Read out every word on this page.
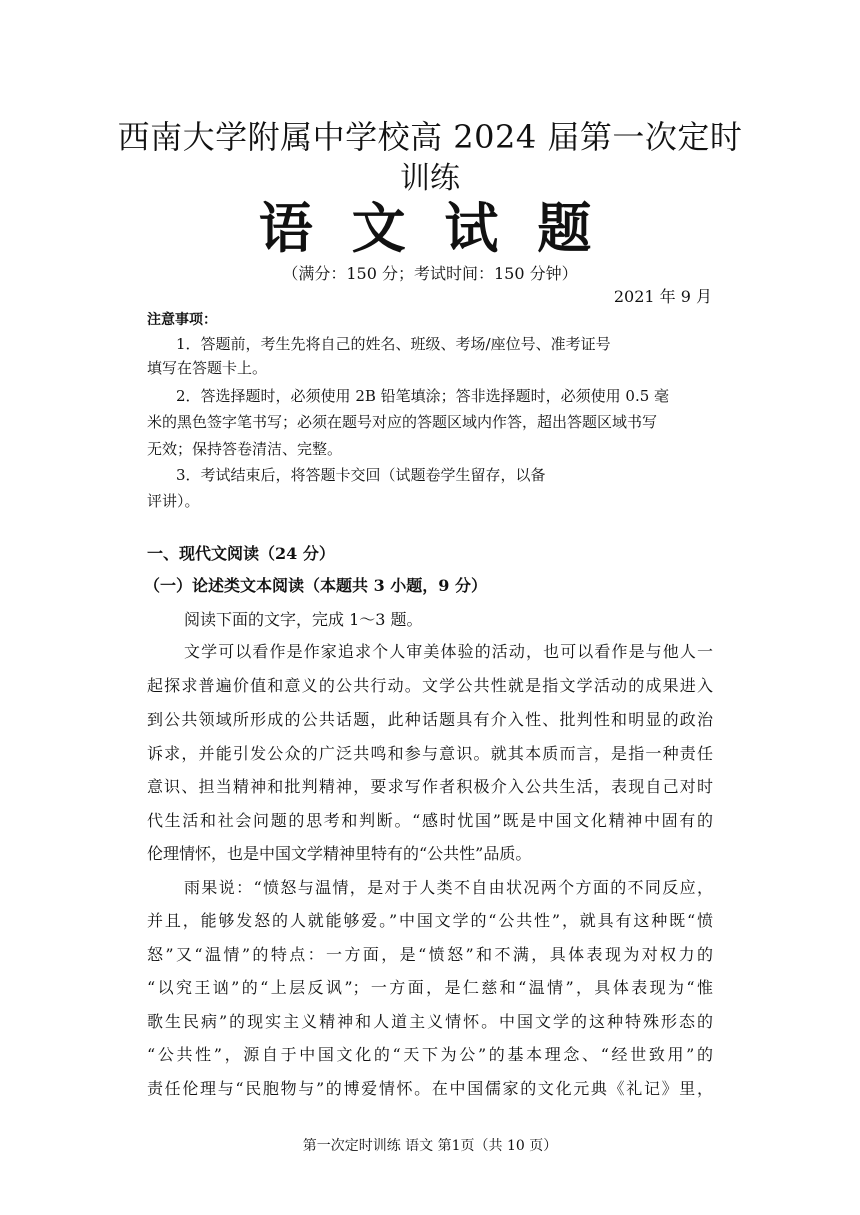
西南大学附属中学校高 2024 届第一次定时
训练
语 文 试 题
（满分：150 分；考试时间：150 分钟）
2021 年 9 月
注意事项：
1．答题前，考生先将自己的姓名、班级、考场/座位号、准考证号
填写在答题卡上。
2．答选择题时，必须使用 2B 铅笔填涂；答非选择题时，必须使用 0.5 毫
米的黑色签字笔书写；必须在题号对应的答题区域内作答，超出答题区域书写
无效；保持答卷清洁、完整。
3．考试结束后，将答题卡交回（试题卷学生留存，以备
评讲）。
一、现代文阅读（24 分）
（一）论述类文本阅读（本题共 3 小题，9 分）
阅读下面的文字，完成 1～3 题。
文学可以看作是作家追求个人审美体验的活动，也可以看作是与他人一
起探求普遍价值和意义的公共行动。文学公共性就是指文学活动的成果进入
到公共领域所形成的公共话题，此种话题具有介入性、批判性和明显的政治
诉求，并能引发公众的广泛共鸣和参与意识。就其本质而言，是指一种责任
意识、担当精神和批判精神，要求写作者积极介入公共生活，表现自己对时
代生活和社会问题的思考和判断。“感时忧国”既是中国文化精神中固有的
伦理情怀，也是中国文学精神里特有的“公共性”品质。
雨果说：“愤怒与温情，是对于人类不自由状况两个方面的不同反应，
并且，能够发怒的人就能够爱。”中国文学的“公共性”，就具有这种既“愤
怒”又“温情”的特点：一方面，是“愤怒”和不满，具体表现为对权力的
“以究王讻”的“上层反讽”；一方面，是仁慈和“温情”，具体表现为“惟
歌生民病”的现实主义精神和人道主义情怀。中国文学的这种特殊形态的
“公共性”，源自于中国文化的“天下为公”的基本理念、“经世致用”的
责任伦理与“民胞物与”的博爱情怀。在中国儒家的文化元典《礼记》里，
第一次定时训练 语文 第1页（共 10 页）
